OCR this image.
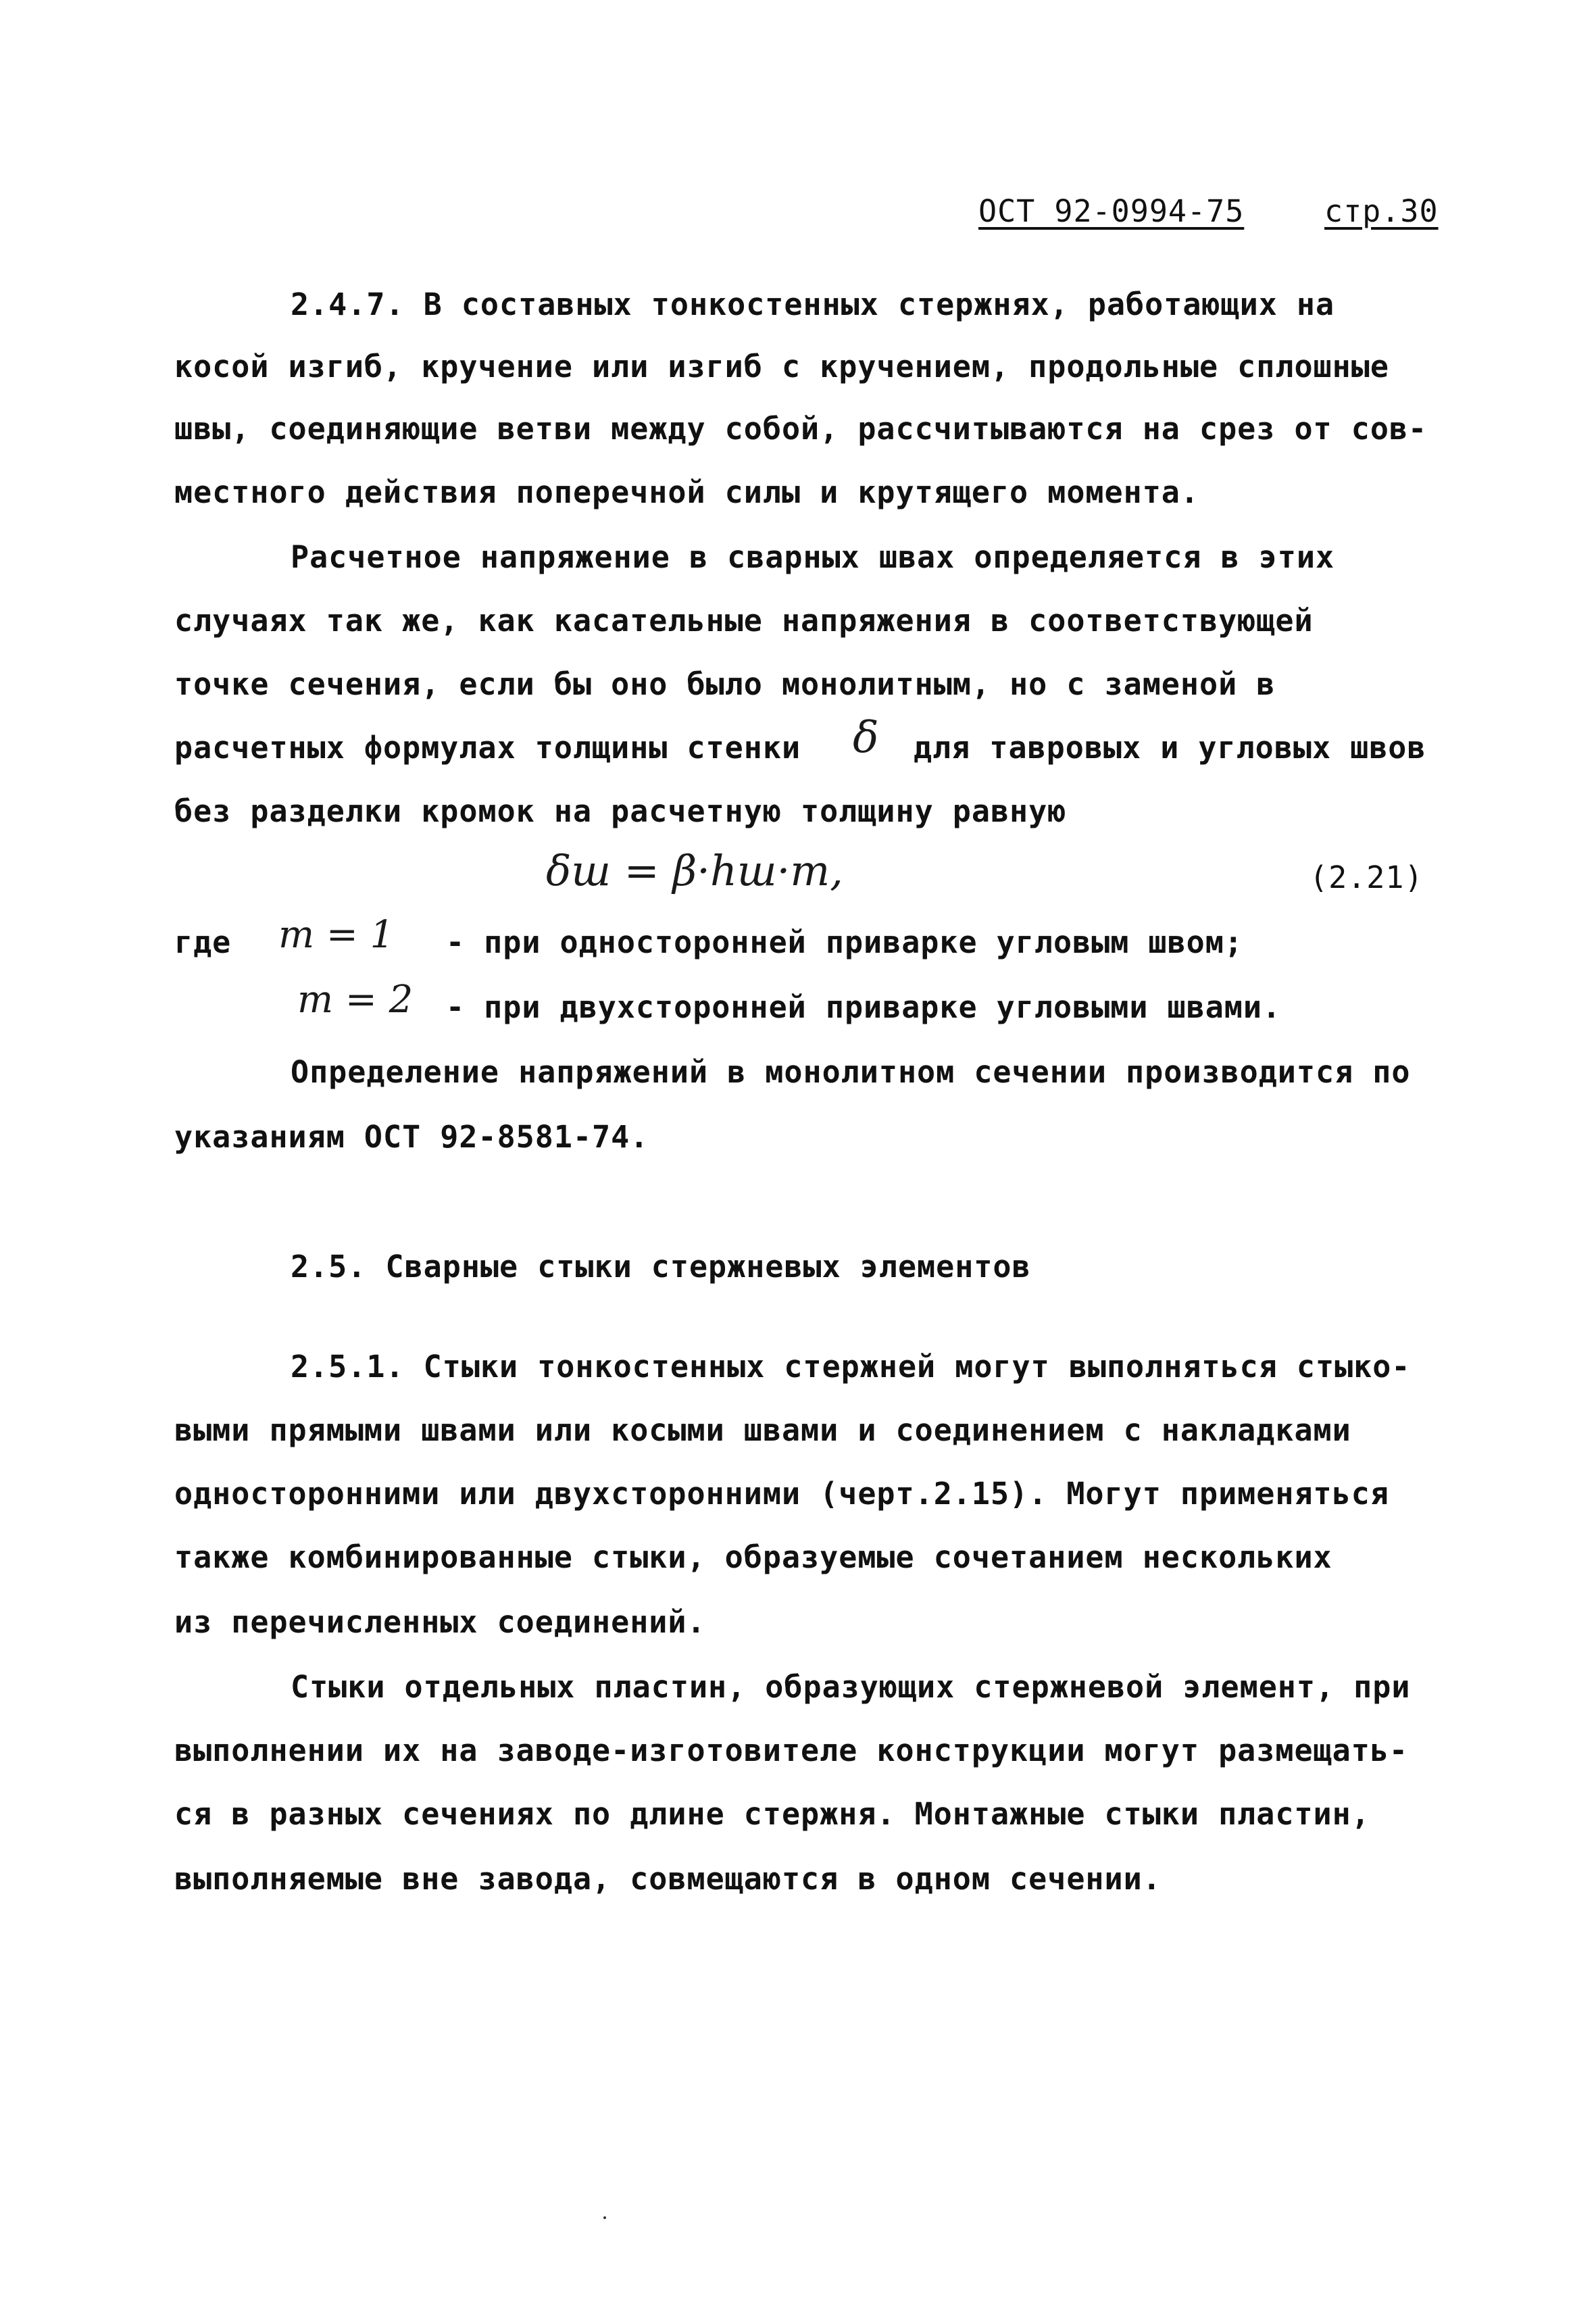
ОСТ 92-0994-75	стр.30
2.4.7. В составных тонкостенных стержнях, работающих на
косой изгиб, кручение или изгиб с кручением, продольные сплошные
швы, соединяющие ветви между собой, рассчитываются на срез от сов-
местного действия поперечной силы и крутящего момента.
Расчетное напряжение в сварных швах определяется в этих
случаях так же, как касательные напряжения в соответствующей
точке сечения, если бы оно было монолитным, но с заменой в
расчетных формулах толщины стенки δ для тавровых и угловых швов
без разделки кромок на расчетную толщину равную
δш = β·hш·m,	(2.21)
где m = 1 - при односторонней приварке угловым швом;
m = 2 - при двухсторонней приварке угловыми швами.
Определение напряжений в монолитном сечении производится по
указаниям ОСТ 92-8581-74.
2.5. Сварные стыки стержневых элементов
2.5.1. Стыки тонкостенных стержней могут выполняться стыко-
выми прямыми швами или косыми швами и соединением с накладками
односторонними или двухсторонними (черт.2.15). Могут применяться
также комбинированные стыки, образуемые сочетанием нескольких
из перечисленных соединений.
Стыки отдельных пластин, образующих стержневой элемент, при
выполнении их на заводе-изготовителе конструкции могут размещать-
ся в разных сечениях по длине стержня. Монтажные стыки пластин,
выполняемые вне завода, совмещаются в одном сечении.
